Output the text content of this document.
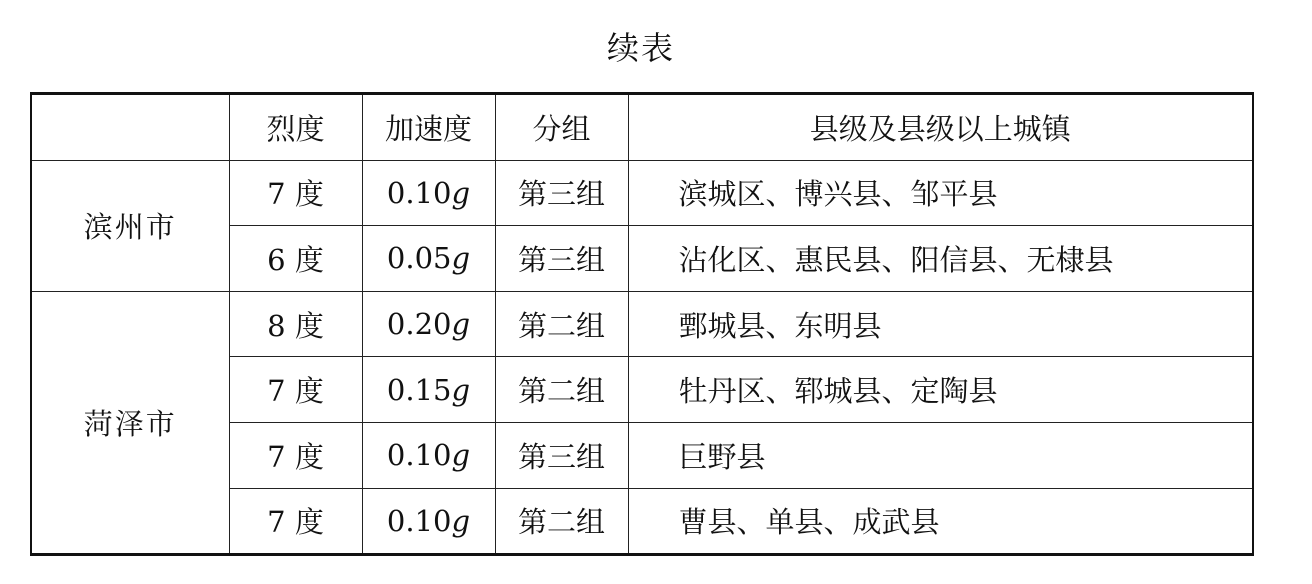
续表
	烈度	加速度	分组	县级及县级以上城镇
滨州市	7 度	0.10g	第三组	滨城区、博兴县、邹平县
	6 度	0.05g	第三组	沾化区、惠民县、阳信县、无棣县
菏泽市	8 度	0.20g	第二组	鄄城县、东明县
	7 度	0.15g	第二组	牡丹区、郓城县、定陶县
	7 度	0.10g	第三组	巨野县
	7 度	0.10g	第二组	曹县、单县、成武县
